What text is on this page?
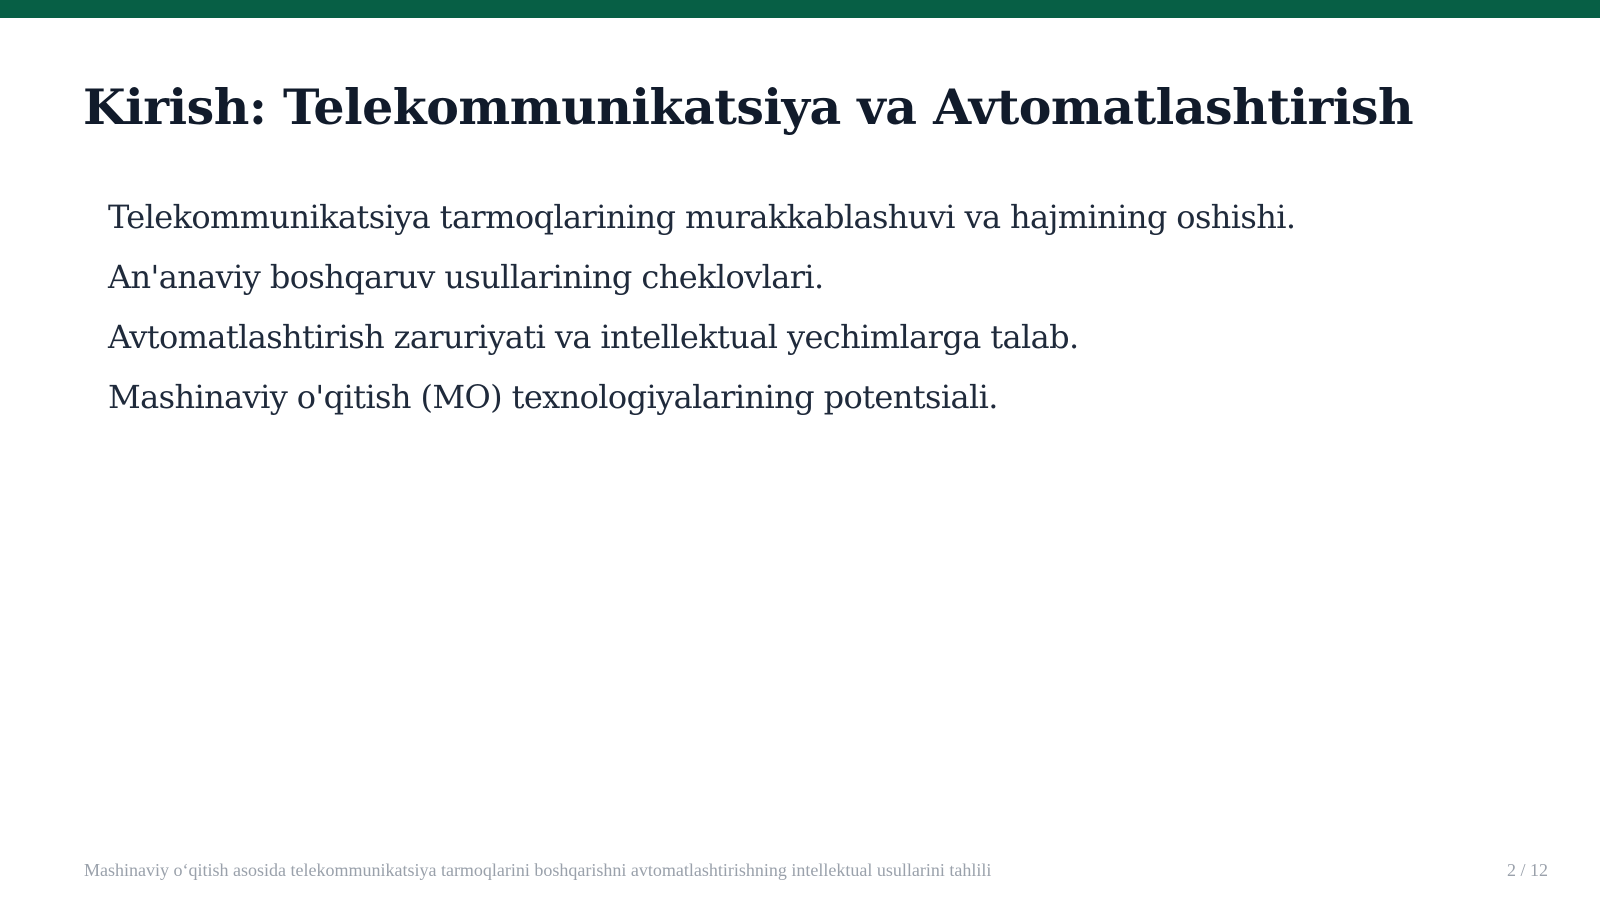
Kirish: Telekommunikatsiya va Avtomatlashtirish
Telekommunikatsiya tarmoqlarining murakkablashuvi va hajmining oshishi.
An'anaviy boshqaruv usullarining cheklovlari.
Avtomatlashtirish zaruriyati va intellektual yechimlarga talab.
Mashinaviy o'qitish (MO) texnologiyalarining potentsiali.
Mashinaviy o‘qitish asosida telekommunikatsiya tarmoqlarini boshqarishni avtomatlashtirishning intellektual usullarini tahlili	2 / 12
